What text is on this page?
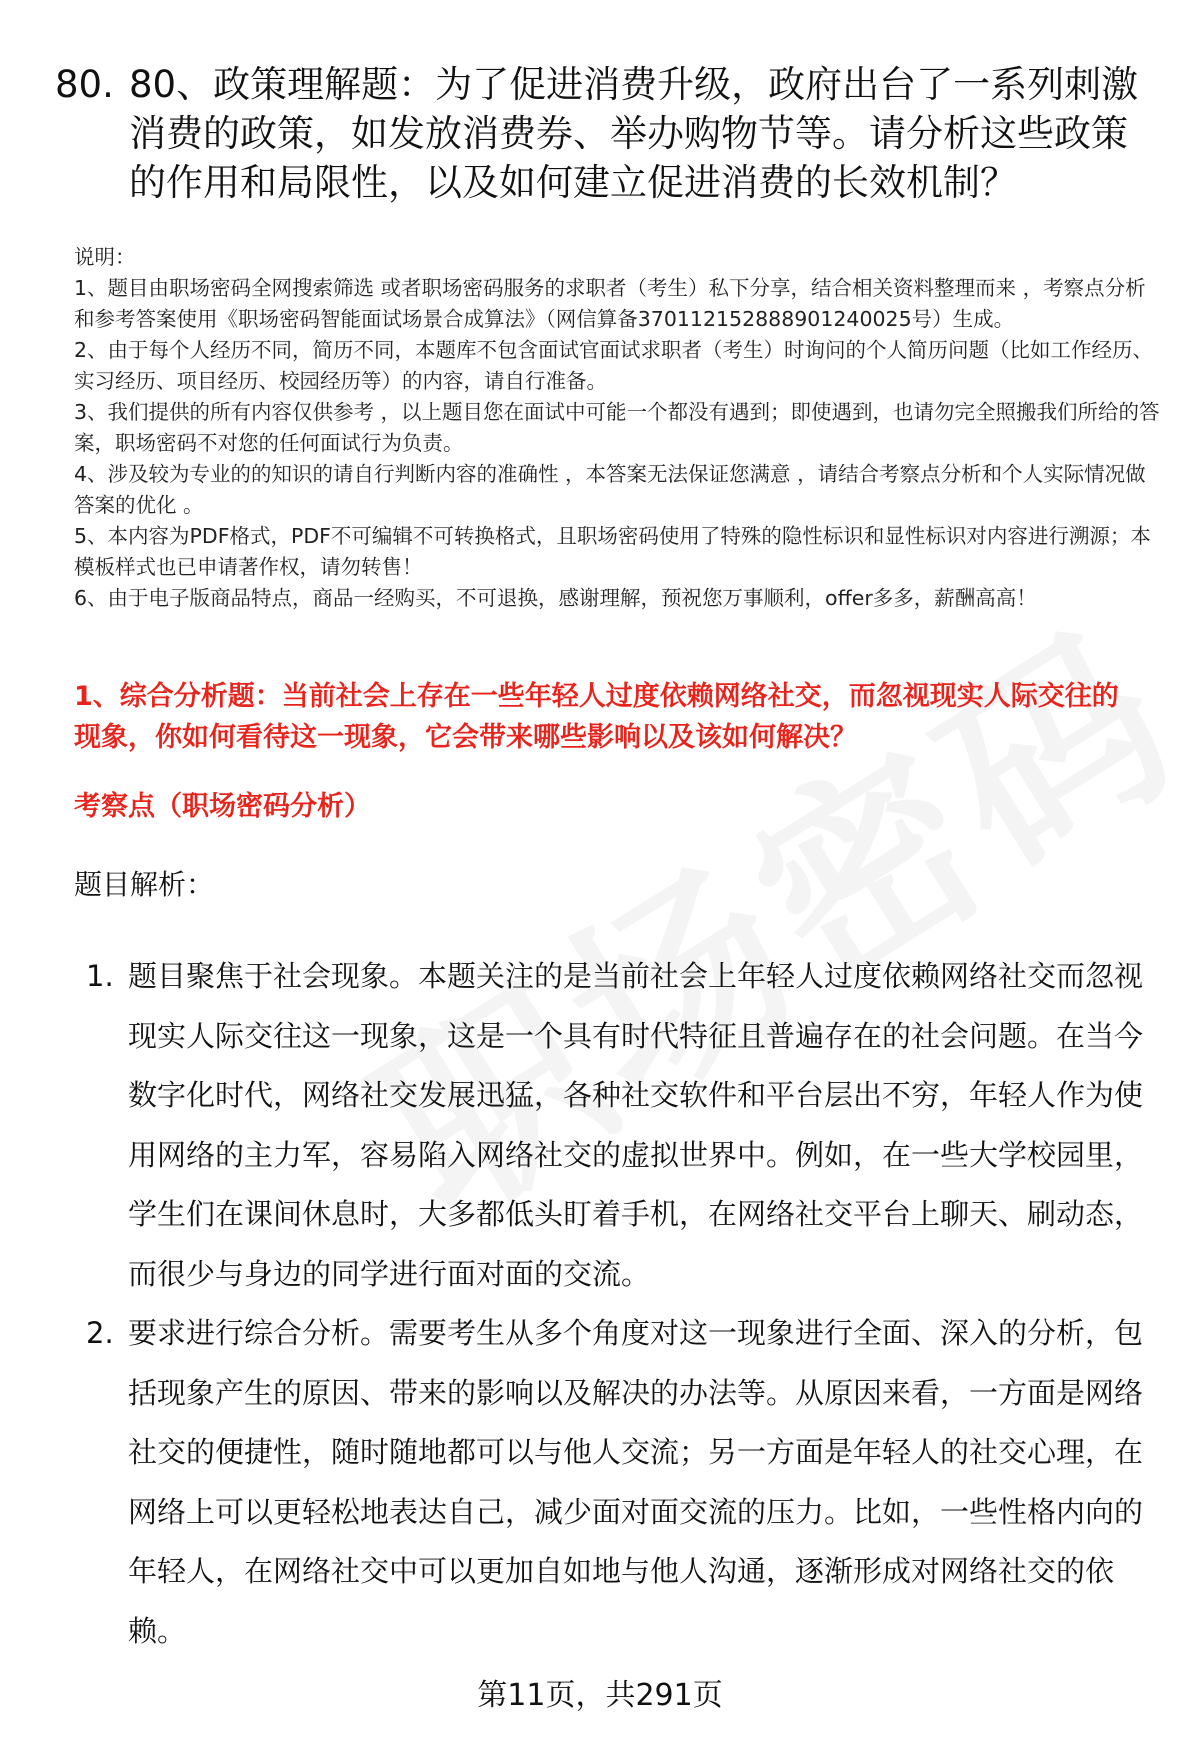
80. 80、政策理解题：为了促进消费升级，政府出台了一系列刺激消费的政策，如发放消费券、举办购物节等。请分析这些政策的作用和局限性，以及如何建立促进消费的长效机制？

说明：

1、题目由职场密码全网搜索筛选 或者职场密码服务的求职者（考生）私下分享，结合相关资料整理而来 ，考察点分析和参考答案使用《职场密码智能面试场景合成算法》（网信算备370112152888901240025号）生成。

2、由于每个人经历不同，简历不同，本题库不包含面试官面试求职者（考生）时询问的个人简历问题（比如工作经历、实习经历、项目经历、校园经历等）的内容，请自行准备。

3、我们提供的所有内容仅供参考 ，以上题目您在面试中可能一个都没有遇到；即使遇到，也请勿完全照搬我们所给的答案，职场密码不对您的任何面试行为负责。

4、涉及较为专业的的知识的请自行判断内容的准确性 ，本答案无法保证您满意 ，请结合考察点分析和个人实际情况做答案的优化 。

5、本内容为PDF格式，PDF不可编辑不可转换格式，且职场密码使用了特殊的隐性标识和显性标识对内容进行溯源；本模板样式也已申请著作权，请勿转售！

6、由于电子版商品特点，商品一经购买，不可退换，感谢理解，预祝您万事顺利，offer多多，薪酬高高！

1、综合分析题：当前社会上存在一些年轻人过度依赖网络社交，而忽视现实人际交往的现象，你如何看待这一现象，它会带来哪些影响以及该如何解决？
考察点（职场密码分析）
题目解析：
1. 题目聚焦于社会现象。本题关注的是当前社会上年轻人过度依赖网络社交而忽视现实人际交往这一现象，这是一个具有时代特征且普遍存在的社会问题。在当今数字化时代，网络社交发展迅猛，各种社交软件和平台层出不穷，年轻人作为使用网络的主力军，容易陷入网络社交的虚拟世界中。例如，在一些大学校园里，学生们在课间休息时，大多都低头盯着手机，在网络社交平台上聊天、刷动态，而很少与身边的同学进行面对面的交流。
2. 要求进行综合分析。需要考生从多个角度对这一现象进行全面、深入的分析，包括现象产生的原因、带来的影响以及解决的办法等。从原因来看，一方面是网络社交的便捷性，随时随地都可以与他人交流；另一方面是年轻人的社交心理，在网络上可以更轻松地表达自己，减少面对面交流的压力。比如，一些性格内向的年轻人，在网络社交中可以更加自如地与他人沟通，逐渐形成对网络社交的依赖。
第11页，共291页
